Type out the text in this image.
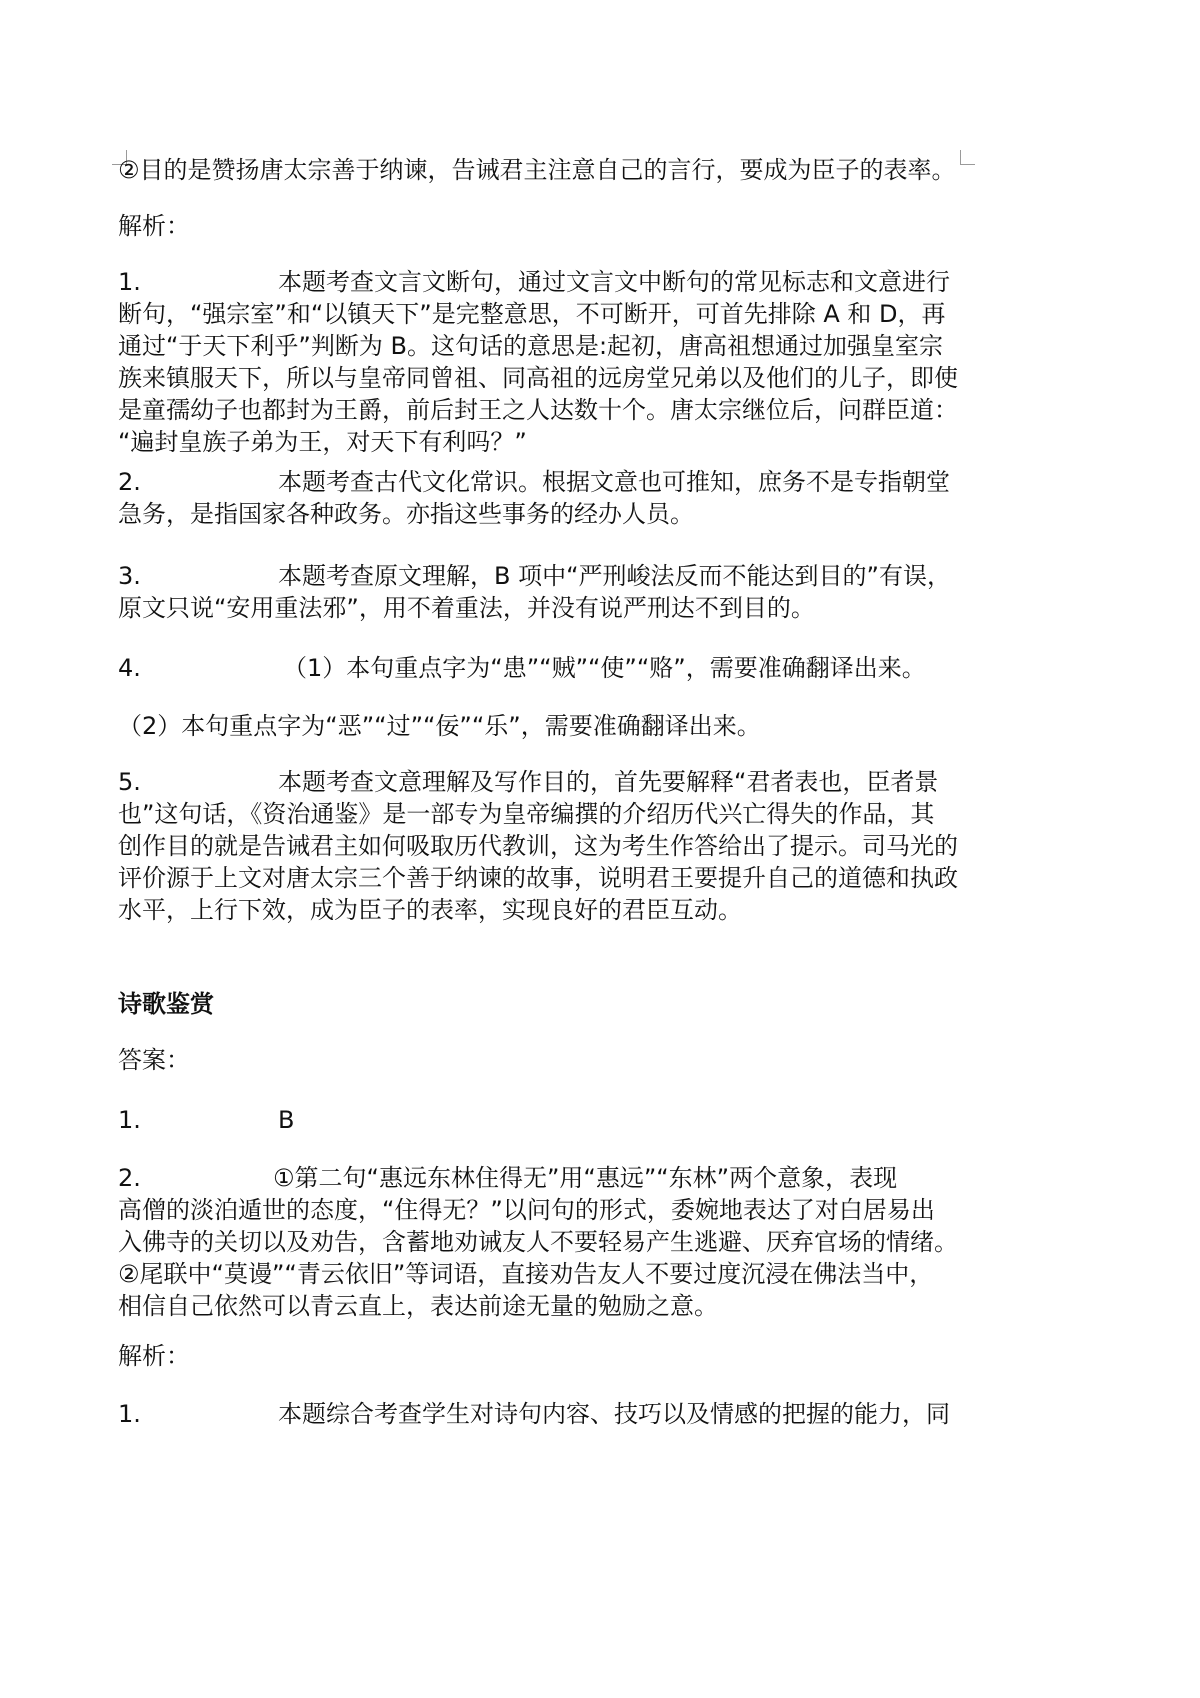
②目的是赞扬唐太宗善于纳谏，告诫君主注意自己的言行，要成为臣子的表率。
解析：
1.	本题考查文言文断句，通过文言文中断句的常见标志和文意进行
断句，“强宗室”和“以镇天下”是完整意思，不可断开，可首先排除 A 和 D，再
通过“于天下利乎”判断为 B。这句话的意思是:起初，唐高祖想通过加强皇室宗
族来镇服天下，所以与皇帝同曾祖、同高祖的远房堂兄弟以及他们的儿子，即使
是童孺幼子也都封为王爵，前后封王之人达数十个。唐太宗继位后，问群臣道：
“遍封皇族子弟为王，对天下有利吗？”
2.	本题考查古代文化常识。根据文意也可推知，庶务不是专指朝堂
急务，是指国家各种政务。亦指这些事务的经办人员。
3.	本题考查原文理解，B 项中“严刑峻法反而不能达到目的”有误，
原文只说“安用重法邪”，用不着重法，并没有说严刑达不到目的。
4.	（1）本句重点字为“患”“贼”“使”“赂”，需要准确翻译出来。
（2）本句重点字为“恶”“过”“佞”“乐”，需要准确翻译出来。
5.	本题考查文意理解及写作目的，首先要解释“君者表也，臣者景
也”这句话，《资治通鉴》是一部专为皇帝编撰的介绍历代兴亡得失的作品，其
创作目的就是告诫君主如何吸取历代教训，这为考生作答给出了提示。司马光的
评价源于上文对唐太宗三个善于纳谏的故事，说明君王要提升自己的道德和执政
水平，上行下效，成为臣子的表率，实现良好的君臣互动。
诗歌鉴赏
答案：
1.	B
2.	①第二句“惠远东林住得无”用“惠远”“东林”两个意象，表现
高僧的淡泊遁世的态度，“住得无？”以问句的形式，委婉地表达了对白居易出
入佛寺的关切以及劝告，含蓄地劝诫友人不要轻易产生逃避、厌弃官场的情绪。
②尾联中“莫谩”“青云依旧”等词语，直接劝告友人不要过度沉浸在佛法当中，
相信自己依然可以青云直上，表达前途无量的勉励之意。
解析：
1.	本题综合考查学生对诗句内容、技巧以及情感的把握的能力，同
